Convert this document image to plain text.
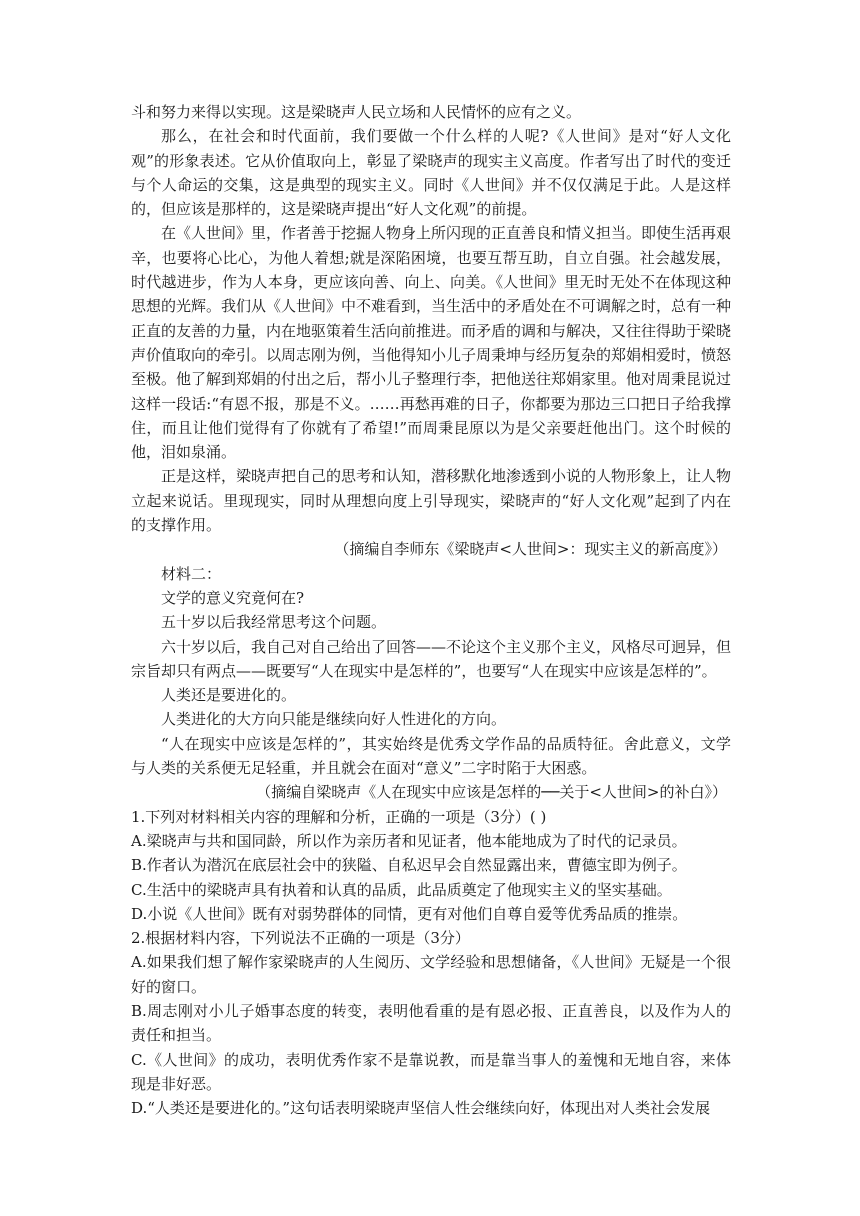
斗和努力来得以实现。这是梁晓声人民立场和人民情怀的应有之义。

那么，在社会和时代面前，我们要做一个什么样的人呢?《人世间》是对“好人文化观”的形象表述。它从价值取向上，彰显了梁晓声的现实主义高度。作者写出了时代的变迁与个人命运的交集，这是典型的现实主义。同时《人世间》并不仅仅满足于此。人是这样的，但应该是那样的，这是梁晓声提出“好人文化观”的前提。

在《人世间》里，作者善于挖掘人物身上所闪现的正直善良和情义担当。即使生活再艰辛，也要将心比心，为他人着想;就是深陷困境，也要互帮互助，自立自强。社会越发展，时代越进步，作为人本身，更应该向善、向上、向美。《人世间》里无时无处不在体现这种思想的光辉。我们从《人世间》中不难看到，当生活中的矛盾处在不可调解之时，总有一种正直的友善的力量，内在地驱策着生活向前推进。而矛盾的调和与解决，又往往得助于梁晓声价值取向的牵引。以周志刚为例，当他得知小儿子周秉坤与经历复杂的郑娟相爱时，愤怒至极。他了解到郑娟的付出之后，帮小儿子整理行李，把他送往郑娟家里。他对周秉昆说过这样一段话:“有恩不报，那是不义。……再愁再难的日子，你都要为那边三口把日子给我撑住，而且让他们觉得有了你就有了希望!”而周秉昆原以为是父亲要赶他出门。这个时候的他，泪如泉涌。

正是这样，梁晓声把自己的思考和认知，潜移默化地渗透到小说的人物形象上，让人物立起来说话。里现现实，同时从理想向度上引导现实，梁晓声的“好人文化观”起到了内在的支撑作用。

（摘编自李师东《梁晓声<人世间>：现实主义的新高度》）

材料二：

文学的意义究竟何在?

五十岁以后我经常思考这个问题。

六十岁以后，我自己对自己给出了回答——不论这个主义那个主义，风格尽可迥异，但宗旨却只有两点——既要写“人在现实中是怎样的”，也要写“人在现实中应该是怎样的”。

人类还是要进化的。

人类进化的大方向只能是继续向好人性进化的方向。

“人在现实中应该是怎样的”，其实始终是优秀文学作品的品质特征。舍此意义，文学与人类的关系便无足轻重，并且就会在面对“意义”二字时陷于大困惑。

（摘编自梁晓声《人在现实中应该是怎样的──关于<人世间>的补白》）

1.下列对材料相关内容的理解和分析，正确的一项是（3分）( )

A.梁晓声与共和国同龄，所以作为亲历者和见证者，他本能地成为了时代的记录员。

B.作者认为潜沉在底层社会中的狭隘、自私迟早会自然显露出来，曹德宝即为例子。

C.生活中的梁晓声具有执着和认真的品质，此品质奠定了他现实主义的坚实基础。

D.小说《人世间》既有对弱势群体的同情，更有对他们自尊自爱等优秀品质的推崇。

2.根据材料内容，下列说法不正确的一项是（3分）

A.如果我们想了解作家梁晓声的人生阅历、文学经验和思想储备，《人世间》无疑是一个很好的窗口。

B.周志刚对小儿子婚事态度的转变，表明他看重的是有恩必报、正直善良，以及作为人的责任和担当。

C.《人世间》的成功，表明优秀作家不是靠说教，而是靠当事人的羞愧和无地自容，来体现是非好恶。

D.“人类还是要进化的。”这句话表明梁晓声坚信人性会继续向好，体现出对人类社会发展
